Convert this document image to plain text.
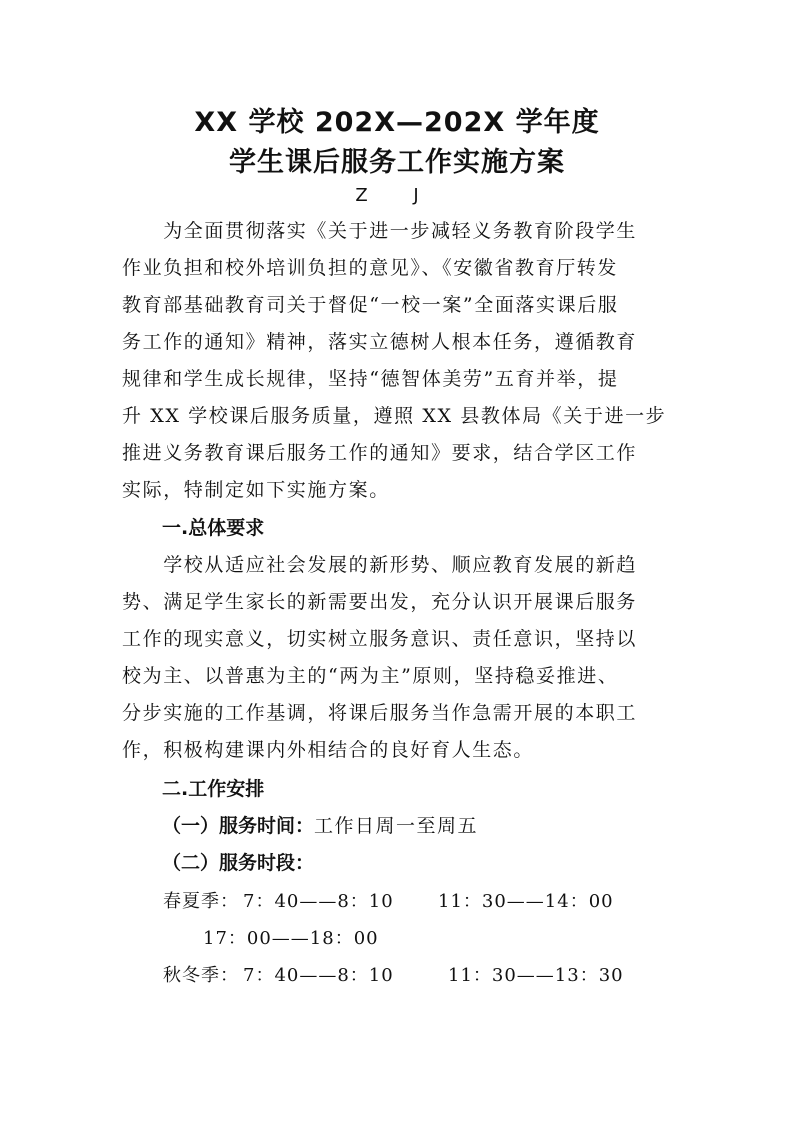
XX 学校 202X—202X 学年度
学生课后服务工作实施方案
Z J
　　为全面贯彻落实《关于进一步减轻义务教育阶段学生
作业负担和校外培训负担的意见》、《安徽省教育厅转发
教育部基础教育司关于督促“一校一案”全面落实课后服
务工作的通知》精神，落实立德树人根本任务，遵循教育
规律和学生成长规律，坚持“德智体美劳”五育并举，提
升 XX 学校课后服务质量，遵照 XX 县教体局《关于进一步
推进义务教育课后服务工作的通知》要求，结合学区工作
实际，特制定如下实施方案。
一.总体要求
　　学校从适应社会发展的新形势、顺应教育发展的新趋
势、满足学生家长的新需要出发，充分认识开展课后服务
工作的现实意义，切实树立服务意识、责任意识，坚持以
校为主、以普惠为主的“两为主”原则，坚持稳妥推进、
分步实施的工作基调，将课后服务当作急需开展的本职工
作，积极构建课内外相结合的良好育人生态。
二.工作安排
（一）服务时间：工作日周一至周五
（二）服务时段：
春夏季： 7：40——8：10 11：30——14：00
17：00——18：00
秋冬季： 7：40——8：10	11：30——13：30
